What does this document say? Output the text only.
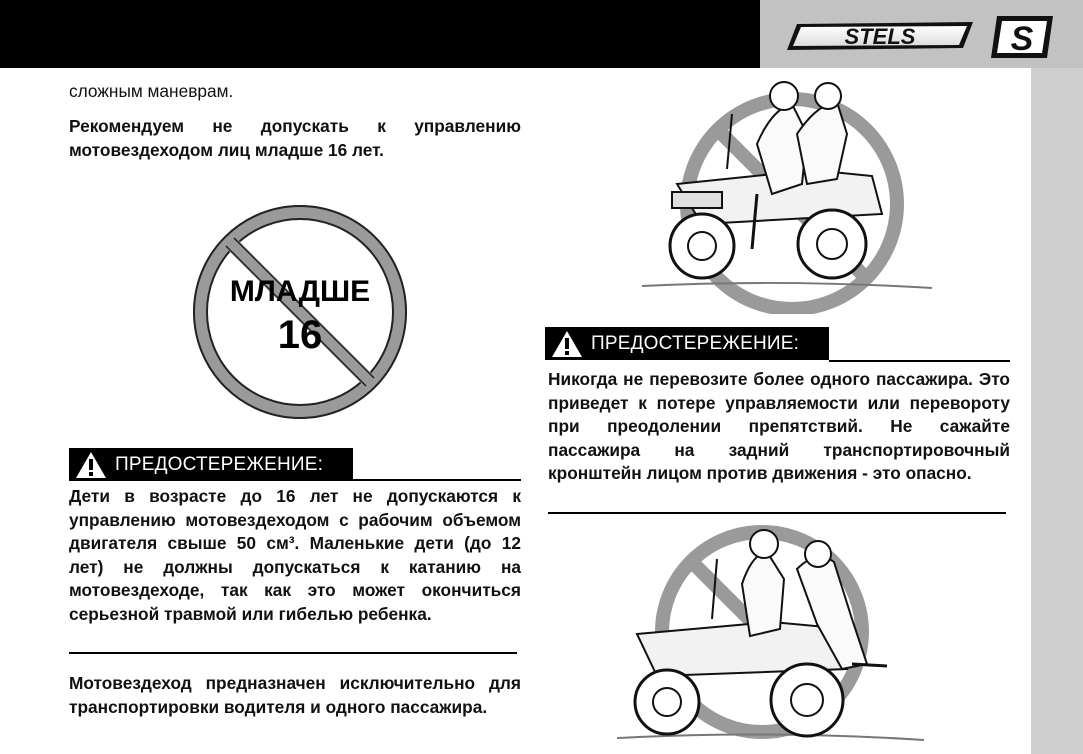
STELS	S

сложным маневрам.

Рекомендуем не допускать к управлению мотовездеходом лиц младше 16 лет.

МЛАДШЕ
16
ПРЕДОСТЕРЕЖЕНИЕ:

Дети в возрасте до 16 лет не допускаются к управлению мотовездеходом с рабочим объемом двигателя свыше 50 см³. Маленькие дети (до 12 лет) не должны допускаться к катанию на мотовездеходе, так как это может окончиться серьезной травмой или гибелью ребенка.

Мотовездеход предназначен исключительно для транспортировки водителя и одного пассажира.

ПРЕДОСТЕРЕЖЕНИЕ:

Никогда не перевозите более одного пассажира. Это приведет к потере управляемости или перевороту при преодолении препятствий. Не сажайте пассажира на задний транспортировочный кронштейн лицом против движения - это опасно.
